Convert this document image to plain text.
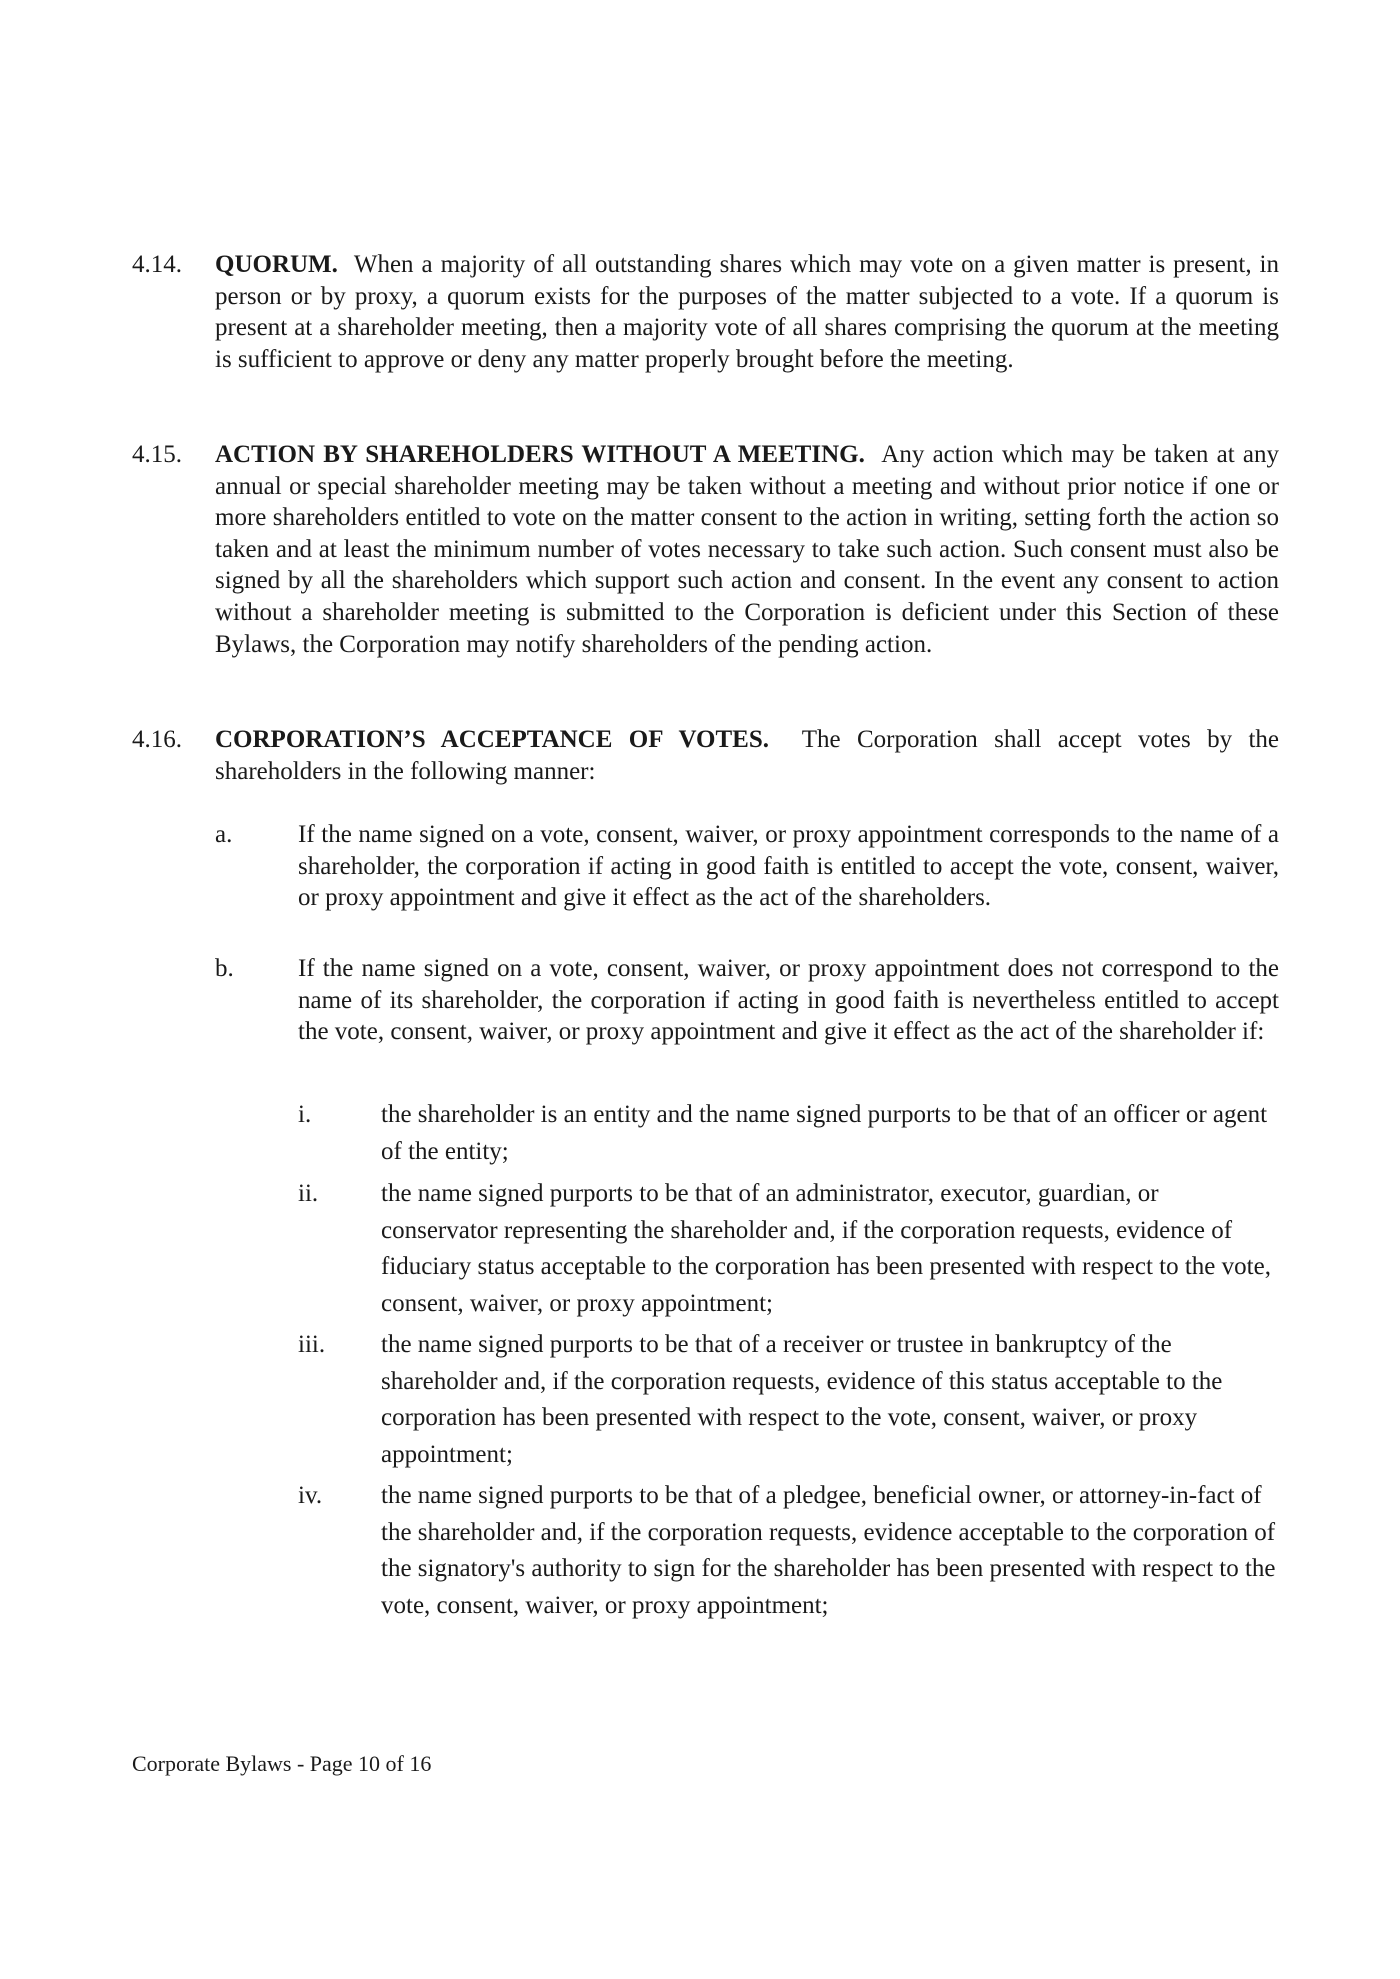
4.14. QUORUM. When a majority of all outstanding shares which may vote on a given matter is present, in person or by proxy, a quorum exists for the purposes of the matter subjected to a vote. If a quorum is present at a shareholder meeting, then a majority vote of all shares comprising the quorum at the meeting is sufficient to approve or deny any matter properly brought before the meeting.
4.15. ACTION BY SHAREHOLDERS WITHOUT A MEETING. Any action which may be taken at any annual or special shareholder meeting may be taken without a meeting and without prior notice if one or more shareholders entitled to vote on the matter consent to the action in writing, setting forth the action so taken and at least the minimum number of votes necessary to take such action. Such consent must also be signed by all the shareholders which support such action and consent. In the event any consent to action without a shareholder meeting is submitted to the Corporation is deficient under this Section of these Bylaws, the Corporation may notify shareholders of the pending action.
4.16. CORPORATION’S ACCEPTANCE OF VOTES. The Corporation shall accept votes by the shareholders in the following manner:
a.	If the name signed on a vote, consent, waiver, or proxy appointment corresponds to the name of a shareholder, the corporation if acting in good faith is entitled to accept the vote, consent, waiver, or proxy appointment and give it effect as the act of the shareholders.
b.	If the name signed on a vote, consent, waiver, or proxy appointment does not correspond to the name of its shareholder, the corporation if acting in good faith is nevertheless entitled to accept the vote, consent, waiver, or proxy appointment and give it effect as the act of the shareholder if:
i.	the shareholder is an entity and the name signed purports to be that of an officer or agent of the entity;
ii.	the name signed purports to be that of an administrator, executor, guardian, or conservator representing the shareholder and, if the corporation requests, evidence of fiduciary status acceptable to the corporation has been presented with respect to the vote, consent, waiver, or proxy appointment;
iii. the name signed purports to be that of a receiver or trustee in bankruptcy of the shareholder and, if the corporation requests, evidence of this status acceptable to the corporation has been presented with respect to the vote, consent, waiver, or proxy appointment;
iv. the name signed purports to be that of a pledgee, beneficial owner, or attorney-in-fact of the shareholder and, if the corporation requests, evidence acceptable to the corporation of the signatory's authority to sign for the shareholder has been presented with respect to the vote, consent, waiver, or proxy appointment;
Corporate Bylaws - Page 10 of 16
